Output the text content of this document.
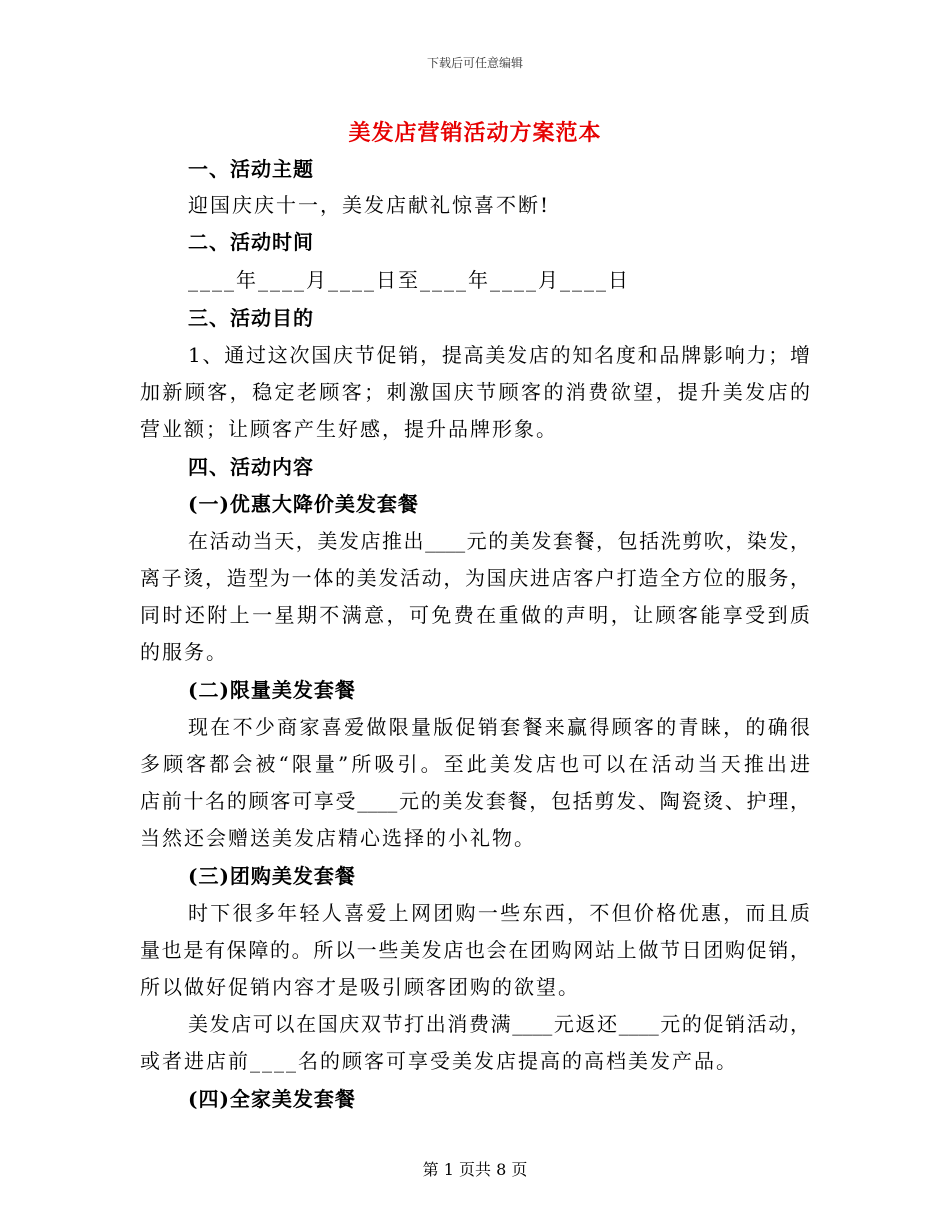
下载后可任意编辑
美发店营销活动方案范本
一、活动主题
迎国庆庆十一，美发店献礼惊喜不断!
二、活动时间
____年____月____日至____年____月____日
三、活动目的
1、通过这次国庆节促销，提高美发店的知名度和品牌影响力；增
加新顾客，稳定老顾客；刺激国庆节顾客的消费欲望，提升美发店的
营业额；让顾客产生好感，提升品牌形象。
四、活动内容
(一)优惠大降价美发套餐
在活动当天，美发店推出____元的美发套餐，包括洗剪吹，染发，
离子烫，造型为一体的美发活动，为国庆进店客户打造全方位的服务，
同时还附上一星期不满意，可免费在重做的声明，让顾客能享受到质
的服务。
(二)限量美发套餐
现在不少商家喜爱做限量版促销套餐来赢得顾客的青睐，的确很
多顾客都会被“限量”所吸引。至此美发店也可以在活动当天推出进
店前十名的顾客可享受____元的美发套餐，包括剪发、陶瓷烫、护理，
当然还会赠送美发店精心选择的小礼物。
(三)团购美发套餐
时下很多年轻人喜爱上网团购一些东西，不但价格优惠，而且质
量也是有保障的。所以一些美发店也会在团购网站上做节日团购促销，
所以做好促销内容才是吸引顾客团购的欲望。
美发店可以在国庆双节打出消费满____元返还____元的促销活动，
或者进店前____名的顾客可享受美发店提高的高档美发产品。
(四)全家美发套餐
第 1 页共 8 页
